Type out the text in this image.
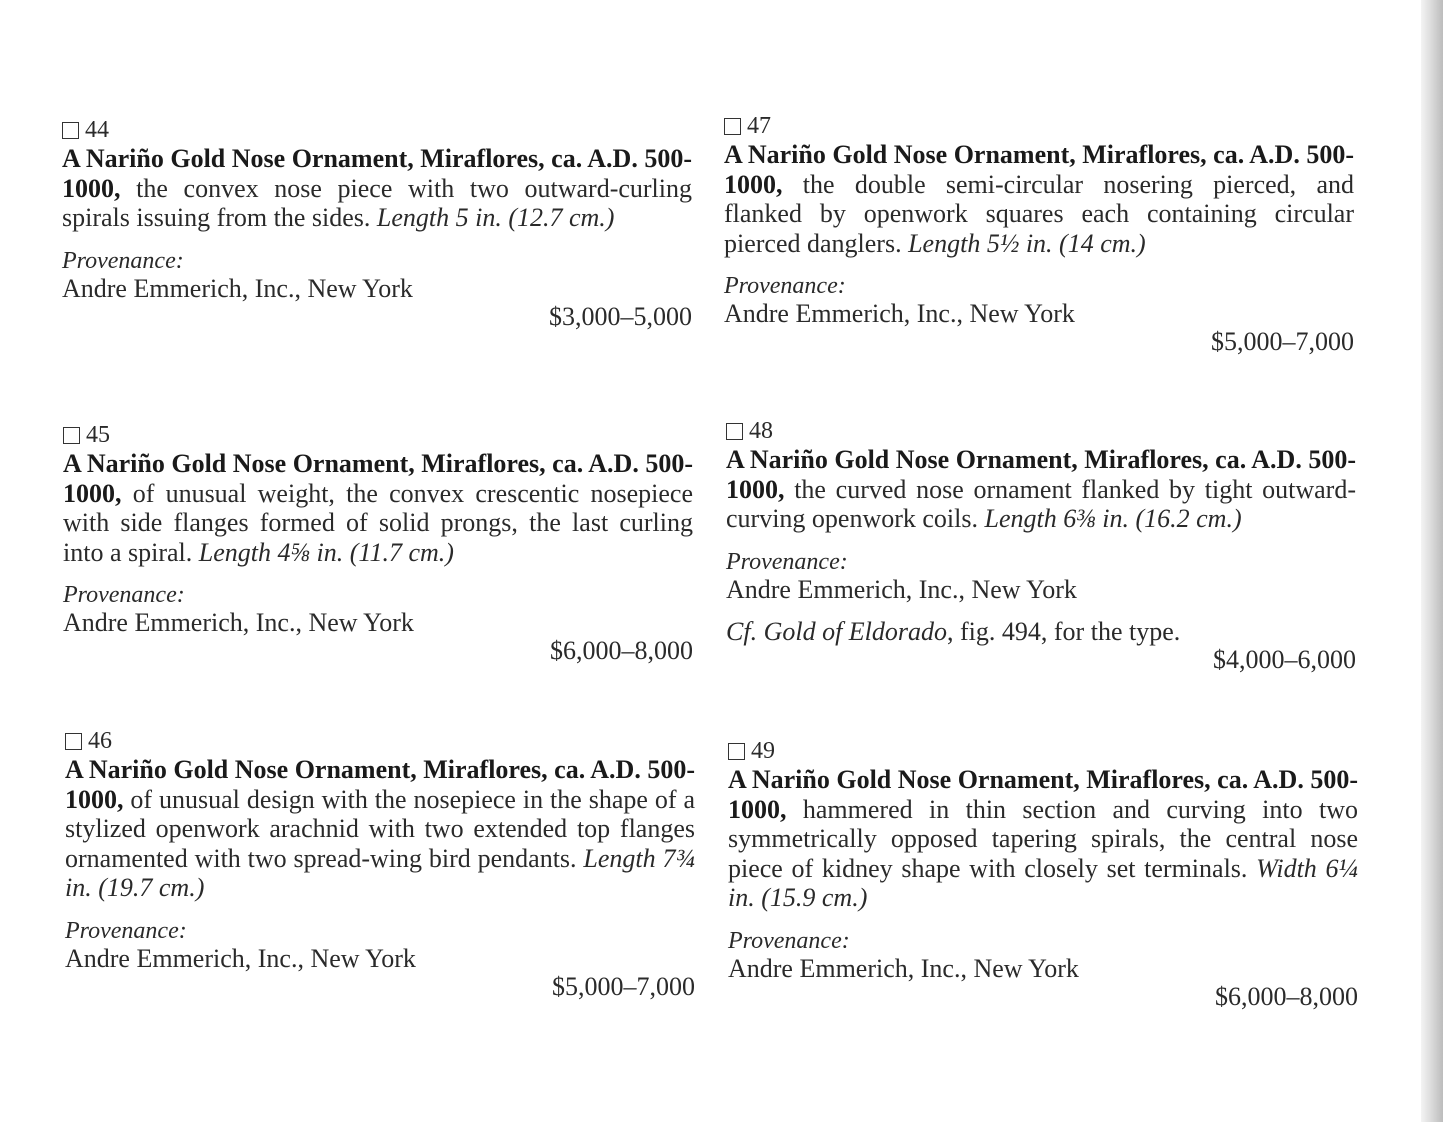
44

A Nariño Gold Nose Ornament, Miraflores, ca. A.D. 500-1000, the convex nose piece with two outward-curling spirals issuing from the sides. Length 5 in. (12.7 cm.)

Provenance:
Andre Emmerich, Inc., New York
$3,000–5,000
45

A Nariño Gold Nose Ornament, Miraflores, ca. A.D. 500-1000, of unusual weight, the convex crescentic nosepiece with side flanges formed of solid prongs, the last curling into a spiral. Length 4⅝ in. (11.7 cm.)

Provenance:
Andre Emmerich, Inc., New York
$6,000–8,000
46

A Nariño Gold Nose Ornament, Miraflores, ca. A.D. 500-1000, of unusual design with the nosepiece in the shape of a stylized openwork arachnid with two extended top flanges ornamented with two spread-wing bird pendants. Length 7¾ in. (19.7 cm.)

Provenance:
Andre Emmerich, Inc., New York
$5,000–7,000
47

A Nariño Gold Nose Ornament, Miraflores, ca. A.D. 500-1000, the double semi-circular nosering pierced, and flanked by openwork squares each containing circular pierced danglers. Length 5½ in. (14 cm.)

Provenance:
Andre Emmerich, Inc., New York
$5,000–7,000
48

A Nariño Gold Nose Ornament, Miraflores, ca. A.D. 500-1000, the curved nose ornament flanked by tight outward-curving openwork coils. Length 6⅜ in. (16.2 cm.)

Provenance:
Andre Emmerich, Inc., New York
Cf. Gold of Eldorado, fig. 494, for the type.
$4,000–6,000
49

A Nariño Gold Nose Ornament, Miraflores, ca. A.D. 500-1000, hammered in thin section and curving into two symmetrically opposed tapering spirals, the central nose piece of kidney shape with closely set terminals. Width 6¼ in. (15.9 cm.)

Provenance:
Andre Emmerich, Inc., New York
$6,000–8,000
